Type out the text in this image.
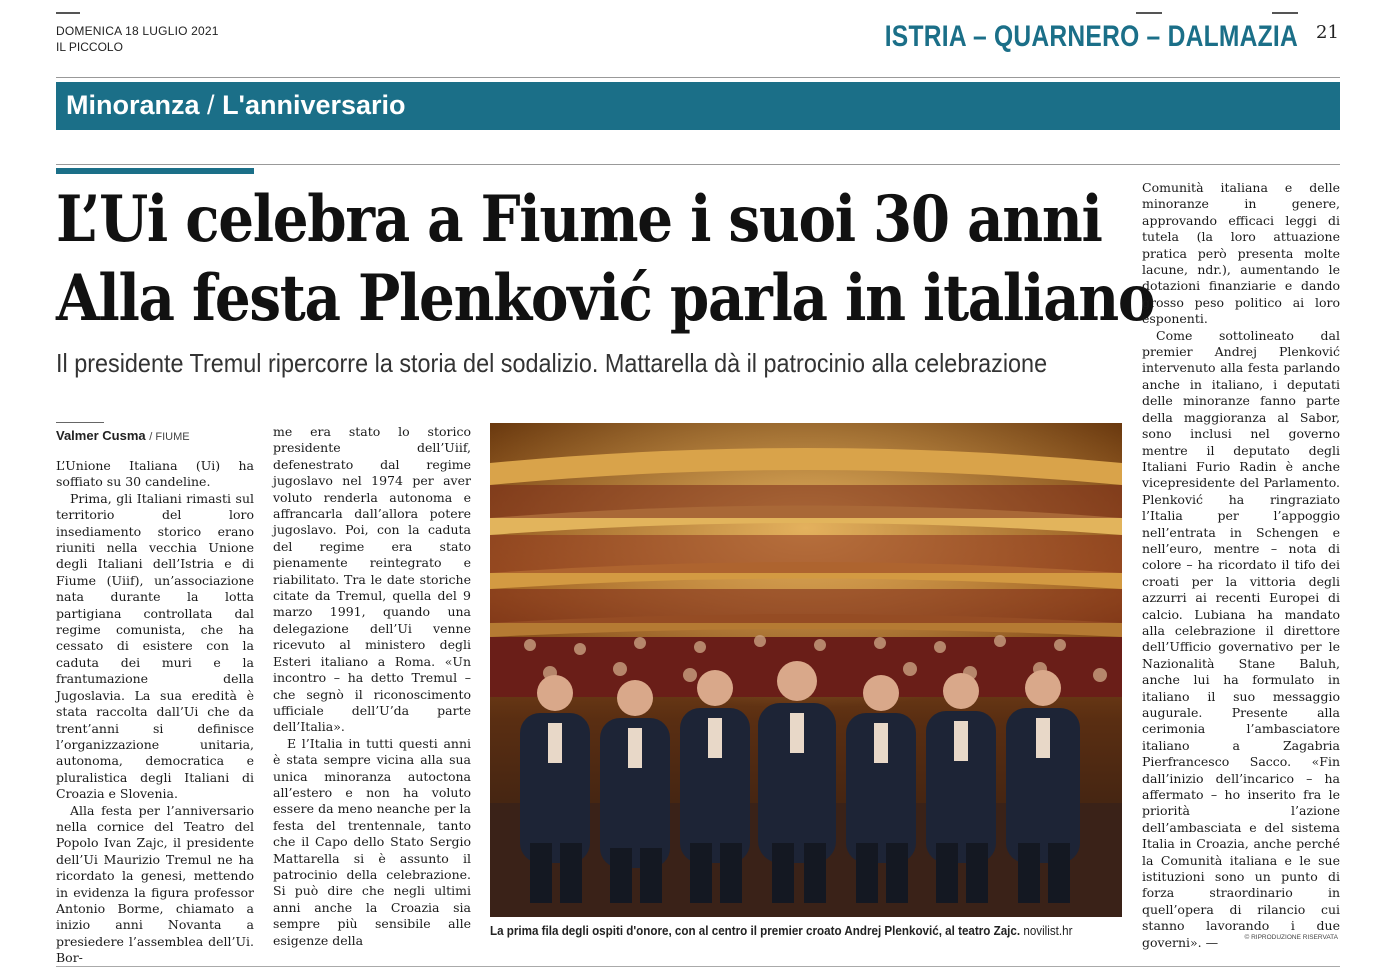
DOMENICA 18 LUGLIO 2021
IL PICCOLO	ISTRIA – QUARNERO – DALMAZIA 21
Minoranza / L'anniversario
L’Ui celebra a Fiume i suoi 30 anni
Alla festa Plenković parla in italiano
Il presidente Tremul ripercorre la storia del sodalizio. Mattarella dà il patrocinio alla celebrazione
Valmer Cusma / FIUME

L’Unione Italiana (Ui) ha soffiato su 30 candeline.

Prima, gli Italiani rimasti sul territorio del loro insediamento storico erano riuniti nella vecchia Unione degli Italiani dell’Istria e di Fiume (Uiif), un’associazione nata durante la lotta partigiana controllata dal regime comunista, che ha cessato di esistere con la caduta dei muri e la frantumazione della Jugoslavia. La sua eredità è stata raccolta dall’Ui che da trent’anni si definisce l’organizzazione unitaria, autonoma, democratica e pluralistica degli Italiani di Croazia e Slovenia.

Alla festa per l’anniversario nella cornice del Teatro del Popolo Ivan Zajc, il presidente dell’Ui Maurizio Tremul ne ha ricordato la genesi, mettendo in evidenza la figura professor Antonio Borme, chiamato a inizio anni Novanta a presiedere l’assemblea dell’Ui. Bor-

me era stato lo storico presidente dell’Uiif, defenestrato dal regime jugoslavo nel 1974 per aver voluto renderla autonoma e affrancarla dall’allora potere jugoslavo. Poi, con la caduta del regime era stato pienamente reintegrato e riabilitato. Tra le date storiche citate da Tremul, quella del 9 marzo 1991, quando una delegazione dell’Ui venne ricevuto al ministero degli Esteri italiano a Roma. «Un incontro – ha detto Tremul – che segnò il riconoscimento ufficiale dell’U’da parte dell’Italia».

E l’Italia in tutti questi anni è stata sempre vicina alla sua unica minoranza autoctona all’estero e non ha voluto essere da meno neanche per la festa del trentennale, tanto che il Capo dello Stato Sergio Mattarella si è assunto il patrocinio della celebrazione. Si può dire che negli ultimi anni anche la Croazia sia sempre più sensibile alle esigenze della

La prima fila degli ospiti d'onore, con al centro il premier croato Andrej Plenković, al teatro Zajc. novilist.hr

Comunità italiana e delle minoranze in genere, approvando efficaci leggi di tutela (la loro attuazione pratica però presenta molte lacune, ndr.), aumentando le dotazioni finanziarie e dando grosso peso politico ai loro esponenti.

Come sottolineato dal premier Andrej Plenković intervenuto alla festa parlando anche in italiano, i deputati delle minoranze fanno parte della maggioranza al Sabor, sono inclusi nel governo mentre il deputato degli Italiani Furio Radin è anche vicepresidente del Parlamento. Plenković ha ringraziato l’Italia per l’appoggio nell’entrata in Schengen e nell’euro, mentre – nota di colore – ha ricordato il tifo dei croati per la vittoria degli azzurri ai recenti Europei di calcio. Lubiana ha mandato alla celebrazione il direttore dell’Ufficio governativo per le Nazionalità Stane Baluh, anche lui ha formulato in italiano il suo messaggio augurale. Presente alla cerimonia l’ambasciatore italiano a Zagabria Pierfrancesco Sacco. «Fin dall’inizio dell’incarico – ha affermato – ho inserito fra le priorità l’azione dell’ambasciata e del sistema Italia in Croazia, anche perché la Comunità italiana e le sue istituzioni sono un punto di forza straordinario in quell’opera di rilancio cui stanno lavorando i due governi». —	© RIPRODUZIONE RISERVATA
